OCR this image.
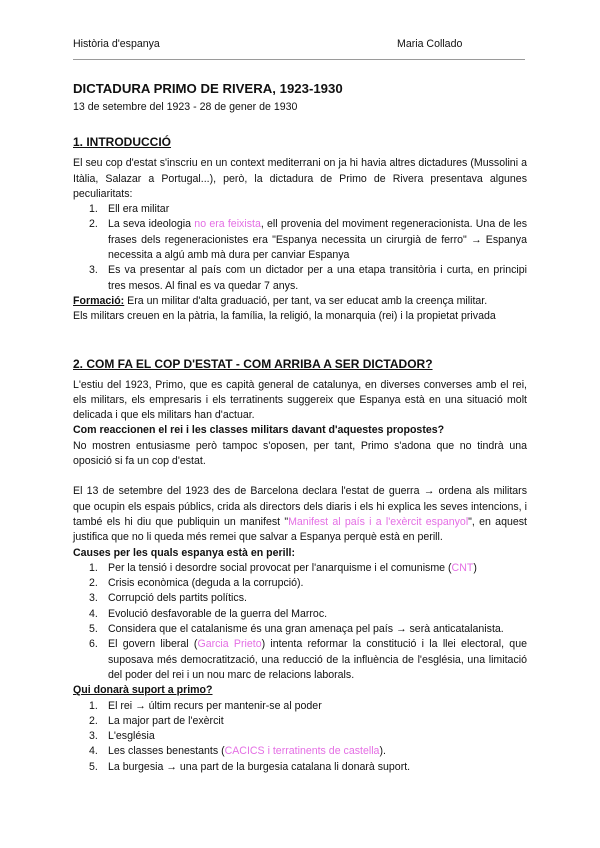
Història d'espanya	Maria Collado
DICTADURA PRIMO DE RIVERA, 1923-1930
13 de setembre del 1923 - 28 de gener de 1930
1. INTRODUCCIÓ

El seu cop d'estat s'inscriu en un context mediterrani on ja hi havia altres dictadures (Mussolini a Itàlia, Salazar a Portugal...), però, la dictadura de Primo de Rivera presentava algunes peculiaritats:

1. Ell era militar
2. La seva ideologia no era feixista, ell provenia del moviment regeneracionista. Una de les frases dels regeneracionistes era "Espanya necessita un cirurgià de ferro" → Espanya necessita a algú amb mà dura per canviar Espanya
3. Es va presentar al país com un dictador per a una etapa transitòria i curta, en principi tres mesos. Al final es va quedar 7 anys.

Formació: Era un militar d'alta graduació, per tant, va ser educat amb la creença militar.

Els militars creuen en la pàtria, la família, la religió, la monarquia (rei) i la propietat privada

2. COM FA EL COP D'ESTAT - COM ARRIBA A SER DICTADOR?

L'estiu del 1923, Primo, que es capità general de catalunya, en diverses converses amb el rei, els militars, els empresaris i els terratinents suggereix que Espanya està en una situació molt delicada i que els militars han d'actuar.

Com reaccionen el rei i les classes militars davant d'aquestes propostes?

No mostren entusiasme però tampoc s'oposen, per tant, Primo s'adona que no tindrà una oposició si fa un cop d'estat.

El 13 de setembre del 1923 des de Barcelona declara l'estat de guerra → ordena als militars que ocupin els espais públics, crida als directors dels diaris i els hi explica les seves intencions, i també els hi diu que publiquin un manifest "Manifest al país i a l'exèrcit espanyol", en aquest justifica que no li queda més remei que salvar a Espanya perquè està en perill.

Causes per les quals espanya està en perill:

1. Per la tensió i desordre social provocat per l'anarquisme i el comunisme (CNT)
2. Crisis econòmica (deguda a la corrupció).
3. Corrupció dels partits polítics.
4. Evolució desfavorable de la guerra del Marroc.
5. Considera que el catalanisme és una gran amenaça pel país → serà anticatalanista.
6. El govern liberal (Garcia Prieto) intenta reformar la constitució i la llei electoral, que suposava més democratització, una reducció de la influència de l'església, una limitació del poder del rei i un nou marc de relacions laborals.

Qui donarà suport a primo?

1. El rei → últim recurs per mantenir-se al poder
2. La major part de l'exèrcit
3. L'església
4. Les classes benestants (CACICS i terratinents de castella).
5. La burgesia → una part de la burgesia catalana li donarà suport.
